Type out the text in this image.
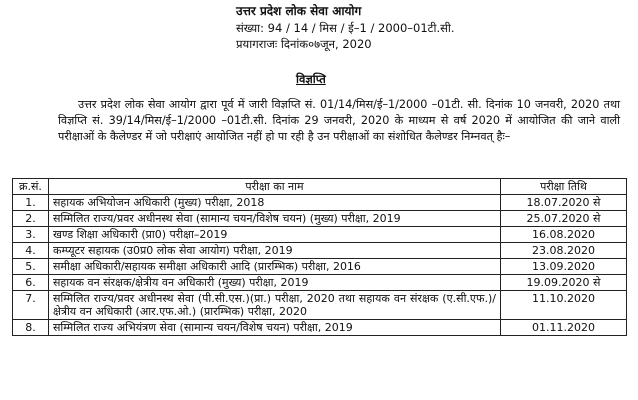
उत्तर प्रदेश लोक सेवा आयोग
संख्या: 94 / 14 / मिस / ई–1 / 2000–01टी.सी.
प्रयागराजः दिनांक०७जून, 2020
विज्ञप्ति
उत्तर प्रदेश लोक सेवा आयोग द्वारा पूर्व में जारी विज्ञप्ति सं. 01/14/मिस/ई–1/2000 –01टी. सी. दिनांक 10 जनवरी, 2020 तथा विज्ञप्ति सं. 39/14/मिस/ई–1/2000 –01टी.सी. दिनांक 29 जनवरी, 2020 के माध्यम से वर्ष 2020 में आयोजित की जाने वाली परीक्षाओं के कैलेण्डर में जो परीक्षाएं आयोजित नहीं हो पा रही है उन परीक्षाओं का संशोधित कैलेण्डर निम्नवत् हैः–
क्र.सं.	परीक्षा का नाम	परीक्षा तिथि
1.	सहायक अभियोजन अधिकारी (मुख्य) परीक्षा, 2018	18.07.2020 से
2.	सम्मिलित राज्य/प्रवर अधीनस्थ सेवा (सामान्य चयन/विशेष चयन) (मुख्य) परीक्षा, 2019	25.07.2020 से
3.	खण्ड शिक्षा अधिकारी (प्रा0) परीक्षा–2019	16.08.2020
4.	कम्प्यूटर सहायक (उ0प्र0 लोक सेवा आयोग) परीक्षा, 2019	23.08.2020
5.	समीक्षा अधिकारी/सहायक समीक्षा अधिकारी आदि (प्रारम्भिक) परीक्षा, 2016	13.09.2020
6.	सहायक वन संरक्षक/क्षेत्रीय वन अधिकारी (मुख्य) परीक्षा, 2019	19.09.2020 से
7.	सम्मिलित राज्य/प्रवर अधीनस्थ सेवा (पी.सी.एस.)(प्रा.) परीक्षा, 2020 तथा सहायक वन संरक्षक (ए.सी.एफ.)/क्षेत्रीय वन अधिकारी (आर.एफ.ओ.) (प्रारम्भिक) परीक्षा, 2020	11.10.2020
8.	सम्मिलित राज्य अभियंत्रण सेवा (सामान्य चयन/विशेष चयन) परीक्षा, 2019	01.11.2020
